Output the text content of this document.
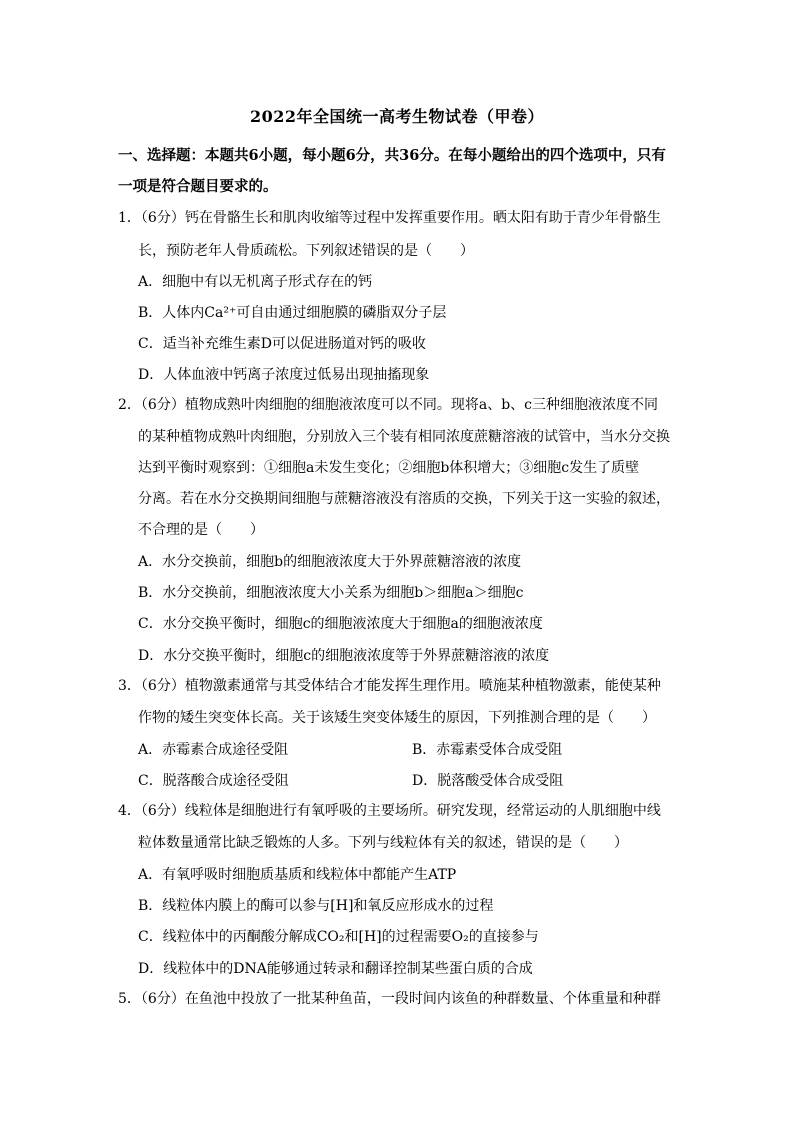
2022年全国统一高考生物试卷（甲卷）
一、选择题：本题共6小题，每小题6分，共36分。在每小题给出的四个选项中，只有
一项是符合题目要求的。
1．（6分）钙在骨骼生长和肌肉收缩等过程中发挥重要作用。晒太阳有助于青少年骨骼生
长，预防老年人骨质疏松。下列叙述错误的是（　　）
A．细胞中有以无机离子形式存在的钙
B．人体内Ca²⁺可自由通过细胞膜的磷脂双分子层
C．适当补充维生素D可以促进肠道对钙的吸收
D．人体血液中钙离子浓度过低易出现抽搐现象
2．（6分）植物成熟叶肉细胞的细胞液浓度可以不同。现将a、b、c三种细胞液浓度不同
的某种植物成熟叶肉细胞，分别放入三个装有相同浓度蔗糖溶液的试管中，当水分交换
达到平衡时观察到：①细胞a未发生变化；②细胞b体积增大；③细胞c发生了质壁
分离。若在水分交换期间细胞与蔗糖溶液没有溶质的交换，下列关于这一实验的叙述，
不合理的是（　　）
A．水分交换前，细胞b的细胞液浓度大于外界蔗糖溶液的浓度
B．水分交换前，细胞液浓度大小关系为细胞b＞细胞a＞细胞c
C．水分交换平衡时，细胞c的细胞液浓度大于细胞a的细胞液浓度
D．水分交换平衡时，细胞c的细胞液浓度等于外界蔗糖溶液的浓度
3．（6分）植物激素通常与其受体结合才能发挥生理作用。喷施某种植物激素，能使某种
作物的矮生突变体长高。关于该矮生突变体矮生的原因，下列推测合理的是（　　）
A．赤霉素合成途径受阻	B．赤霉素受体合成受阻
C．脱落酸合成途径受阻	D．脱落酸受体合成受阻
4．（6分）线粒体是细胞进行有氧呼吸的主要场所。研究发现，经常运动的人肌细胞中线
粒体数量通常比缺乏锻炼的人多。下列与线粒体有关的叙述，错误的是（　　）
A．有氧呼吸时细胞质基质和线粒体中都能产生ATP
B．线粒体内膜上的酶可以参与[H]和氧反应形成水的过程
C．线粒体中的丙酮酸分解成CO₂和[H]的过程需要O₂的直接参与
D．线粒体中的DNA能够通过转录和翻译控制某些蛋白质的合成
5．（6分）在鱼池中投放了一批某种鱼苗，一段时间内该鱼的种群数量、个体重量和种群
